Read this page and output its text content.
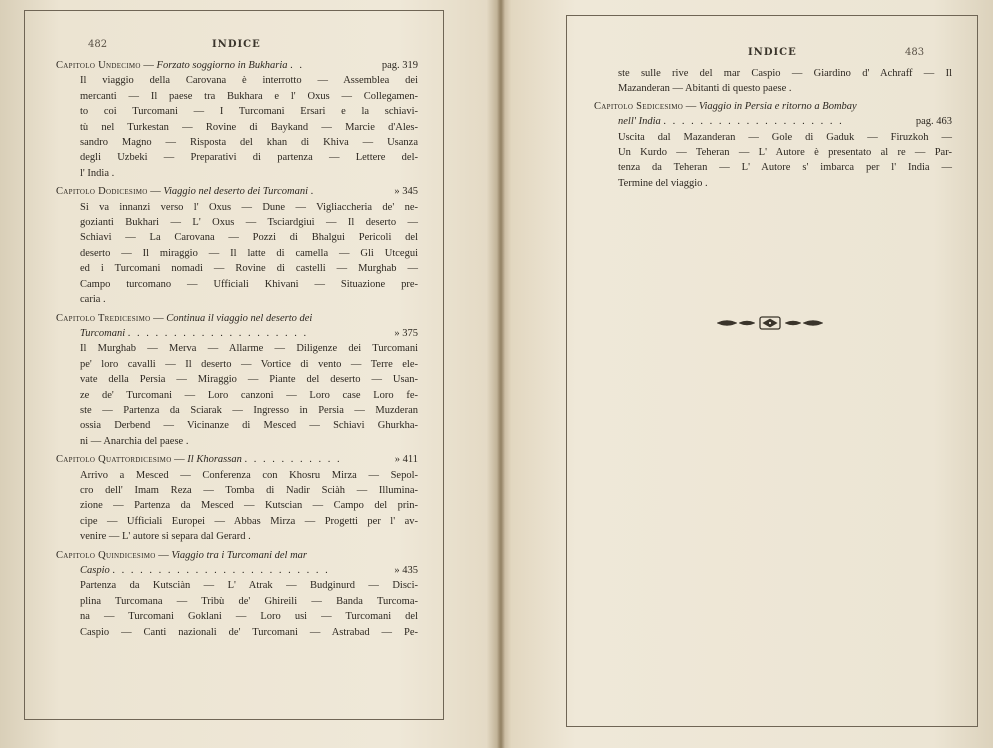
482	INDICE
Capitolo Undecimo — Forzato soggiorno in Bukharia . .	pag. 319
Il viaggio della Carovana è interrotto — Assemblea dei
mercanti — Il paese tra Bukhara e l' Oxus — Collegamen-
to coi Turcomani — I Turcomani Ersari e la schiavi-
tù nel Turkestan — Rovine di Baykand — Marcie d'Ales-
sandro Magno — Risposta del khan di Khiva — Usanza
degli Uzbeki — Preparativi di partenza — Lettere del-
l' India .
Capitolo Dodicesimo — Viaggio nel deserto dei Turcomani .	» 345
Si va innanzi verso l' Oxus — Dune — Vigliaccheria de' ne-
gozianti Bukhari — L' Oxus — Tsciardgiui — Il deserto —
Schiavi — La Carovana — Pozzi di Bhalgui Pericoli del
deserto — Il miraggio — Il latte di camella — Gli Utcegui
ed i Turcomani nomadi — Rovine di castelli — Murghab —
Campo turcomano — Ufficiali Khivani — Situazione pre-
caria .
Capitolo Tredicesimo — Continua il viaggio nel deserto dei
Turcomani . . . . . . . . . . . . . . . . . . . .	» 375
Il Murghab — Merva — Allarme — Diligenze dei Turcomani
pe' loro cavalli — Il deserto — Vortice di vento — Terre ele-
vate della Persia — Miraggio — Piante del deserto — Usan-
ze de' Turcomani — Loro canzoni — Loro case Loro fe-
ste — Partenza da Sciarak — Ingresso in Persia — Muzderan
ossia Derbend — Vicinanze di Mesced — Schiavi Ghurkha-
ni — Anarchia del paese .
Capitolo Quattordicesimo — Il Khorassan . . . . . . . . . . .	» 411
Arrivo a Mesced — Conferenza con Khosru Mirza — Sepol-
cro dell' Imam Reza — Tomba di Nadir Sciàh — Illumina-
zione — Partenza da Mesced — Kutscian — Campo del prin-
cipe — Ufficiali Europei — Abbas Mirza — Progetti per l' av-
venire — L' autore si separa dal Gerard .
Capitolo Quindicesimo — Viaggio tra i Turcomani del mar
Caspio . . . . . . . . . . . . . . . . . . . . . . . .	» 435
Partenza da Kutsciàn — L' Atrak — Budginurd — Disci-
plina Turcomana — Tribù de' Ghireili — Banda Turcoma-
na — Turcomani Goklani — Loro usi — Turcomani del
Caspio — Canti nazionali de' Turcomani — Astrabad — Pe-
INDICE	483
ste sulle rive del mar Caspio — Giardino d' Achraff — Il
Mazanderan — Abitanti di questo paese .
Capitolo Sedicesimo — Viaggio in Persia e ritorno a Bombay
nell' India . . . . . . . . . . . . . . . . . . . .	pag. 463
Uscita dal Mazanderan — Gole di Gaduk — Firuzkoh —
Un Kurdo — Teheran — L' Autore è presentato al re — Par-
tenza da Teheran — L' Autore s' imbarca per l' India —
Termine del viaggio .
